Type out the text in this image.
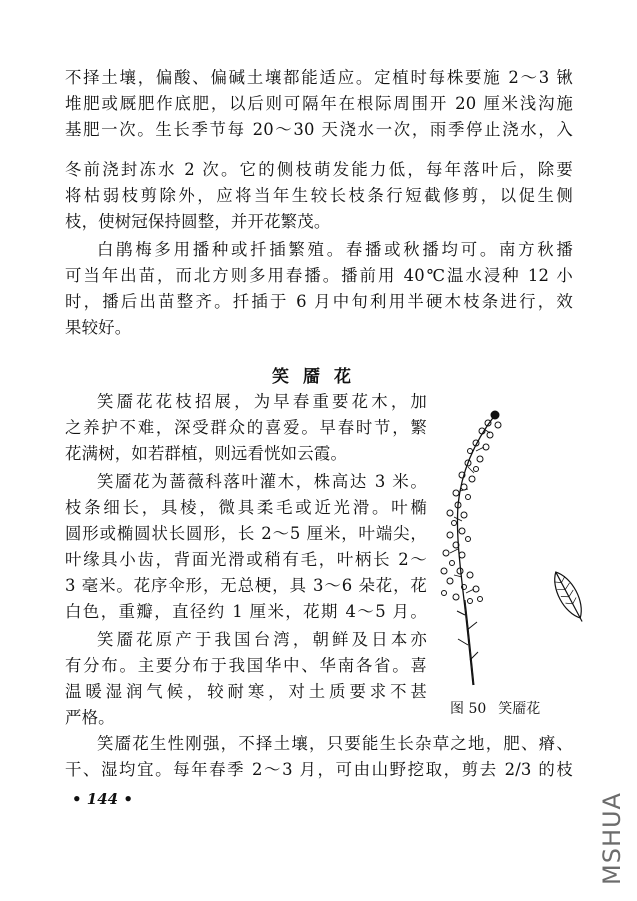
不择土壤，偏酸、偏碱土壤都能适应。定植时每株要施 2～3 锹
堆肥或厩肥作底肥，以后则可隔年在根际周围开 20 厘米浅沟施
基肥一次。生长季节每 20～30 天浇水一次，雨季停止浇水，入
冬前浇封冻水 2 次。它的侧枝萌发能力低，每年落叶后，除要
将枯弱枝剪除外，应将当年生较长枝条行短截修剪，以促生侧
枝，使树冠保持圆整，并开花繁茂。
白鹃梅多用播种或扦插繁殖。春播或秋播均可。南方秋播
可当年出苗，而北方则多用春播。播前用 40℃温水浸种 12 小
时，播后出苗整齐。扦插于 6 月中旬利用半硬木枝条进行，效
果较好。
笑靥花
笑靥花花枝招展，为早春重要花木，加
之养护不难，深受群众的喜爱。早春时节，繁
花满树，如若群植，则远看恍如云霞。
笑靥花为蔷薇科落叶灌木，株高达 3 米。
枝条细长，具棱，微具柔毛或近光滑。叶椭
圆形或椭圆状长圆形，长 2～5 厘米，叶端尖，
叶缘具小齿，背面光滑或稍有毛，叶柄长 2～
3 毫米。花序伞形，无总梗，具 3～6 朵花，花
白色，重瓣，直径约 1 厘米，花期 4～5 月。
笑靥花原产于我国台湾，朝鲜及日本亦
有分布。主要分布于我国华中、华南各省。喜
温暖湿润气候，较耐寒，对土质要求不甚
严格。
笑靥花生性刚强，不择土壤，只要能生长杂草之地，肥、瘠、
干、湿均宜。每年春季 2～3 月，可由山野挖取，剪去 2/3 的枝
图 50 笑靥花
• 144 •	MSHUA
